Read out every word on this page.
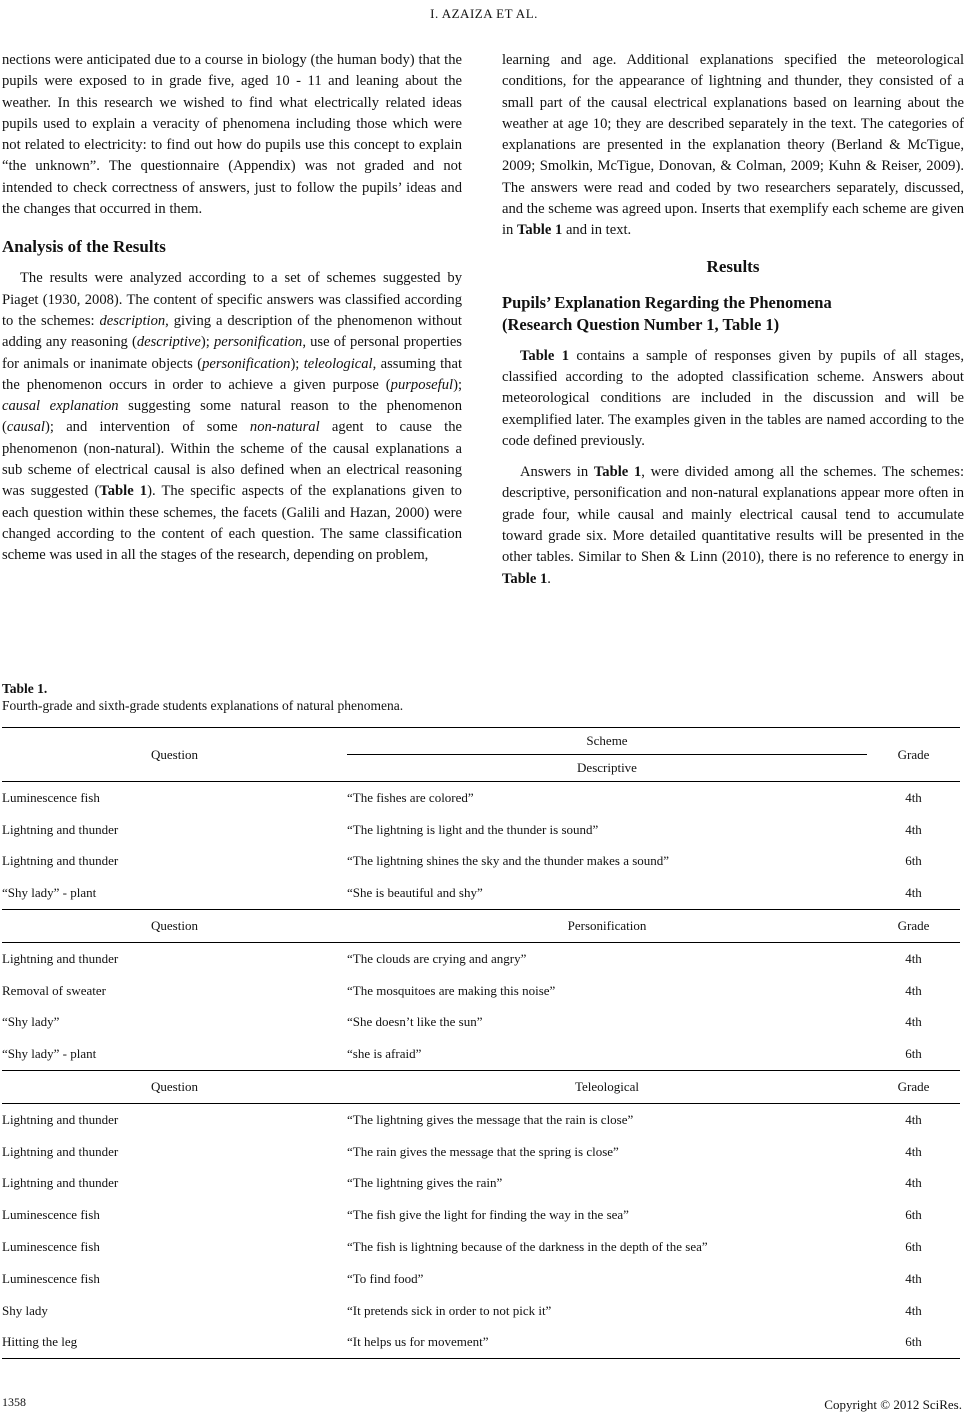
I. AZAIZA ET AL.

nections were anticipated due to a course in biology (the human body) that the pupils were exposed to in grade five, aged 10 - 11 and leaning about the weather. In this research we wished to find what electrically related ideas pupils used to explain a veracity of phenomena including those which were not related to electricity: to find out how do pupils use this concept to explain “the unknown”. The questionnaire (Appendix) was not graded and not intended to check correctness of answers, just to follow the pupils’ ideas and the changes that occurred in them.

Analysis of the Results

The results were analyzed according to a set of schemes suggested by Piaget (1930, 2008). The content of specific answers was classified according to the schemes: description, giving a description of the phenomenon without adding any reasoning (descriptive); personification, use of personal properties for animals or inanimate objects (personification); teleological, assuming that the phenomenon occurs in order to achieve a given purpose (purposeful); causal explanation suggesting some natural reason to the phenomenon (causal); and intervention of some non-natural agent to cause the phenomenon (non-natural). Within the scheme of the causal explanations a sub scheme of electrical causal is also defined when an electrical reasoning was suggested (Table 1). The specific aspects of the explanations given to each question within these schemes, the facets (Galili and Hazan, 2000) were changed according to the content of each question. The same classification scheme was used in all the stages of the research, depending on problem,

learning and age. Additional explanations specified the meteorological conditions, for the appearance of lightning and thunder, they consisted of a small part of the causal electrical explanations based on learning about the weather at age 10; they are described separately in the text. The categories of explanations are presented in the explanation theory (Berland & McTigue, 2009; Smolkin, McTigue, Donovan, & Colman, 2009; Kuhn & Reiser, 2009). The answers were read and coded by two researchers separately, discussed, and the scheme was agreed upon. Inserts that exemplify each scheme are given in Table 1 and in text.

Results
Pupils’ Explanation Regarding the Phenomena
(Research Question Number 1, Table 1)

Table 1 contains a sample of responses given by pupils of all stages, classified according to the adopted classification scheme. Answers about meteorological conditions are included in the discussion and will be exemplified later. The examples given in the tables are named according to the code defined previously.

Answers in Table 1, were divided among all the schemes. The schemes: descriptive, personification and non-natural explanations appear more often in grade four, while causal and mainly electrical causal tend to accumulate toward grade six. More detailed quantitative results will be presented in the other tables. Similar to Shen & Linn (2010), there is no reference to energy in Table 1.

Table 1.
Fourth-grade and sixth-grade students explanations of natural phenomena.
Question	Scheme	Grade
	Descriptive	
Luminescence fish	“The fishes are colored”	4th
Lightning and thunder	“The lightning is light and the thunder is sound”	4th
Lightning and thunder	“The lightning shines the sky and the thunder makes a sound”	6th
“Shy lady” - plant	“She is beautiful and shy”	4th
Question	Personification	Grade
Lightning and thunder	“The clouds are crying and angry”	4th
Removal of sweater	“The mosquitoes are making this noise”	4th
“Shy lady”	“She doesn’t like the sun”	4th
“Shy lady” - plant	“she is afraid”	6th
Question	Teleological	Grade
Lightning and thunder	“The lightning gives the message that the rain is close”	4th
Lightning and thunder	“The rain gives the message that the spring is close”	4th
Lightning and thunder	“The lightning gives the rain”	4th
Luminescence fish	“The fish give the light for finding the way in the sea”	6th
Luminescence fish	“The fish is lightning because of the darkness in the depth of the sea”	6th
Luminescence fish	“To find food”	4th
Shy lady	“It pretends sick in order to not pick it”	4th
Hitting the leg	“It helps us for movement”	6th
1358	Copyright © 2012 SciRes.
